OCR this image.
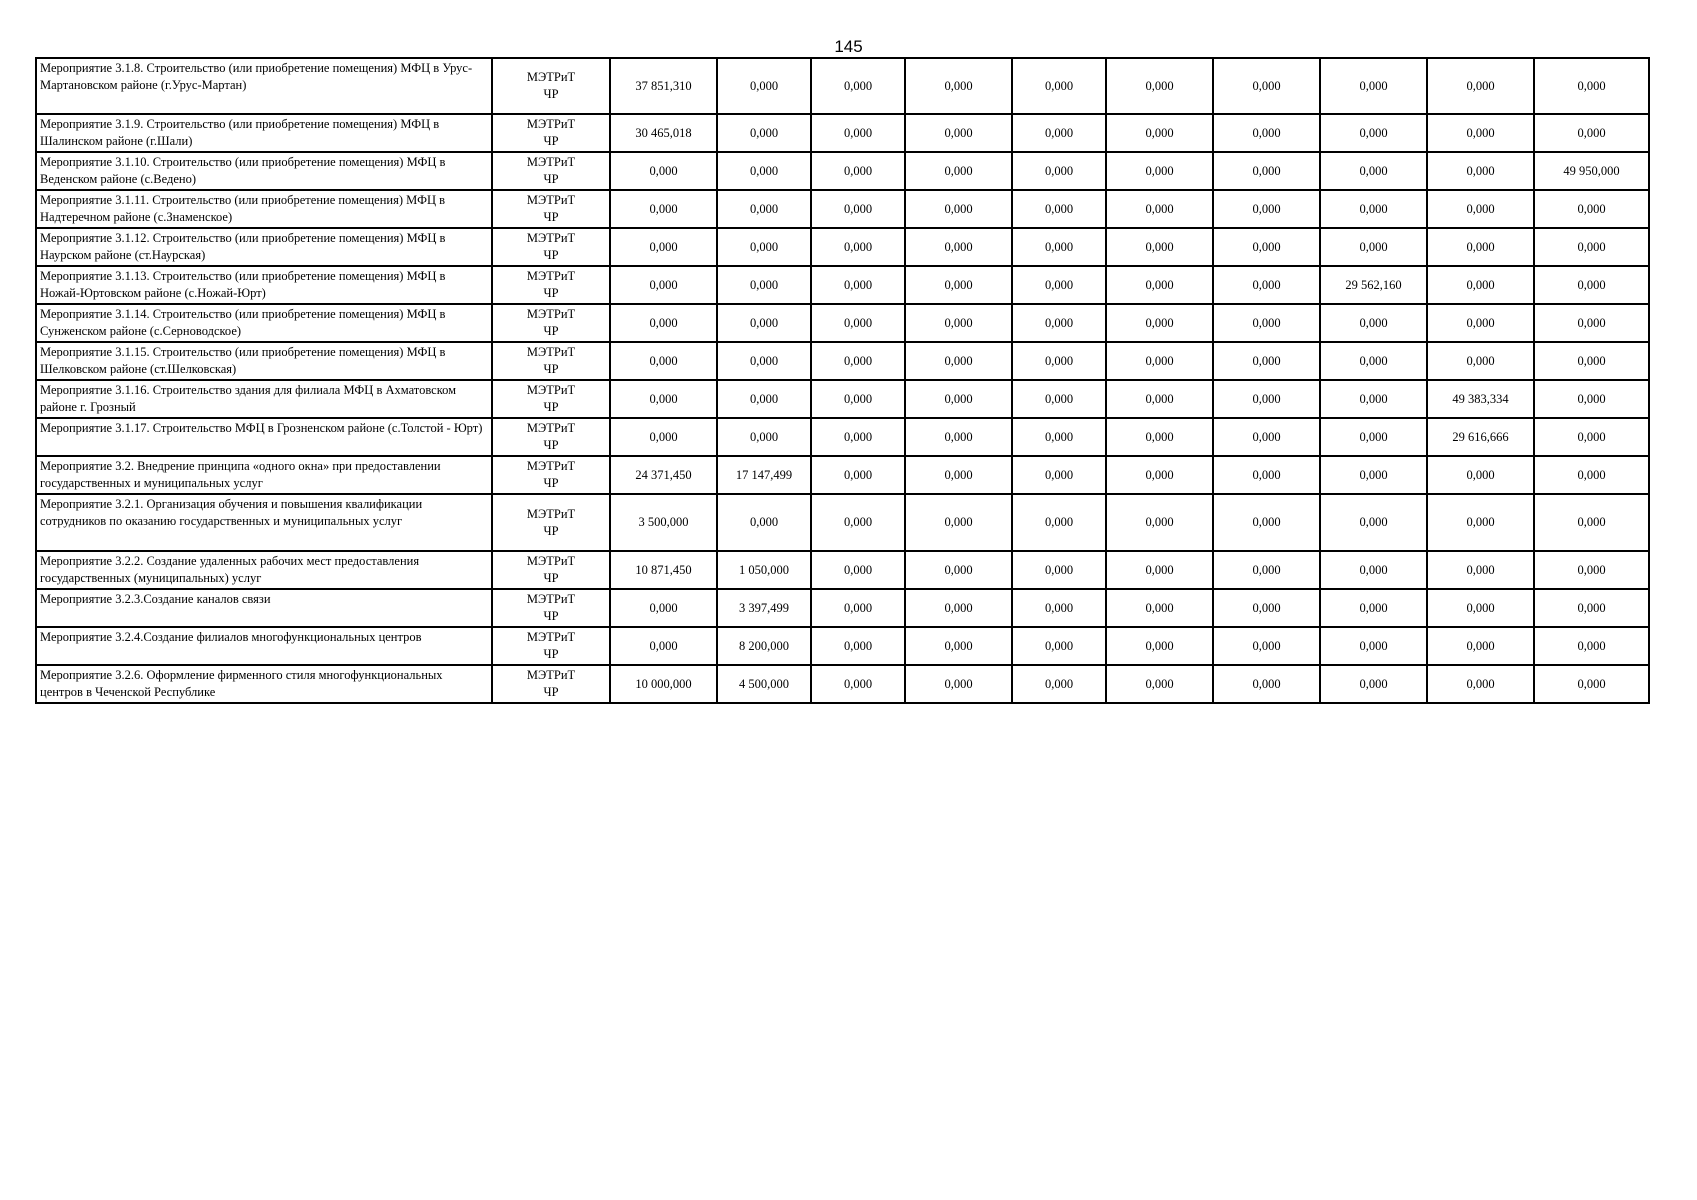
145
Мероприятие 3.1.8. Строительство (или приобретение помещения) МФЦ в Урус-Мартановском районе (г.Урус-Мартан)	МЭТРиТ
ЧР	37 851,310	0,000	0,000	0,000	0,000	0,000	0,000	0,000	0,000	0,000
Мероприятие 3.1.9. Строительство (или приобретение помещения) МФЦ в Шалинском районе (г.Шали)	МЭТРиТ
ЧР	30 465,018	0,000	0,000	0,000	0,000	0,000	0,000	0,000	0,000	0,000
Мероприятие 3.1.10. Строительство (или приобретение помещения) МФЦ в Веденском районе (с.Ведено)	МЭТРиТ
ЧР	0,000	0,000	0,000	0,000	0,000	0,000	0,000	0,000	0,000	49 950,000
Мероприятие 3.1.11. Строительство (или приобретение помещения) МФЦ в Надтеречном районе (с.Знаменское)	МЭТРиТ
ЧР	0,000	0,000	0,000	0,000	0,000	0,000	0,000	0,000	0,000	0,000
Мероприятие 3.1.12. Строительство (или приобретение помещения) МФЦ в Наурском районе (ст.Наурская)	МЭТРиТ
ЧР	0,000	0,000	0,000	0,000	0,000	0,000	0,000	0,000	0,000	0,000
Мероприятие 3.1.13. Строительство (или приобретение помещения) МФЦ в Ножай-Юртовском районе (с.Ножай-Юрт)	МЭТРиТ
ЧР	0,000	0,000	0,000	0,000	0,000	0,000	0,000	29 562,160	0,000	0,000
Мероприятие 3.1.14. Строительство (или приобретение помещения) МФЦ в Сунженском районе (с.Серноводское)	МЭТРиТ
ЧР	0,000	0,000	0,000	0,000	0,000	0,000	0,000	0,000	0,000	0,000
Мероприятие 3.1.15. Строительство (или приобретение помещения) МФЦ в Шелковском районе (ст.Шелковская)	МЭТРиТ
ЧР	0,000	0,000	0,000	0,000	0,000	0,000	0,000	0,000	0,000	0,000
Мероприятие 3.1.16. Строительство здания для филиала МФЦ в Ахматовском районе г. Грозный	МЭТРиТ
ЧР	0,000	0,000	0,000	0,000	0,000	0,000	0,000	0,000	49 383,334	0,000
Мероприятие 3.1.17. Строительство МФЦ в Грозненском районе (с.Толстой - Юрт)	МЭТРиТ
ЧР	0,000	0,000	0,000	0,000	0,000	0,000	0,000	0,000	29 616,666	0,000
Мероприятие 3.2. Внедрение принципа «одного окна» при предоставлении государственных и муниципальных услуг	МЭТРиТ
ЧР	24 371,450	17 147,499	0,000	0,000	0,000	0,000	0,000	0,000	0,000	0,000
Мероприятие 3.2.1. Организация обучения и повышения квалификации сотрудников по оказанию государственных и муниципальных услуг	МЭТРиТ
ЧР	3 500,000	0,000	0,000	0,000	0,000	0,000	0,000	0,000	0,000	0,000
Мероприятие 3.2.2. Создание удаленных рабочих мест предоставления государственных (муниципальных) услуг	МЭТРиТ
ЧР	10 871,450	1 050,000	0,000	0,000	0,000	0,000	0,000	0,000	0,000	0,000
Мероприятие 3.2.3.Создание каналов связи	МЭТРиТ
ЧР	0,000	3 397,499	0,000	0,000	0,000	0,000	0,000	0,000	0,000	0,000
Мероприятие 3.2.4.Создание филиалов многофункциональных центров	МЭТРиТ
ЧР	0,000	8 200,000	0,000	0,000	0,000	0,000	0,000	0,000	0,000	0,000
Мероприятие 3.2.6. Оформление фирменного стиля многофункциональных центров в Чеченской Республике	МЭТРиТ
ЧР	10 000,000	4 500,000	0,000	0,000	0,000	0,000	0,000	0,000	0,000	0,000
